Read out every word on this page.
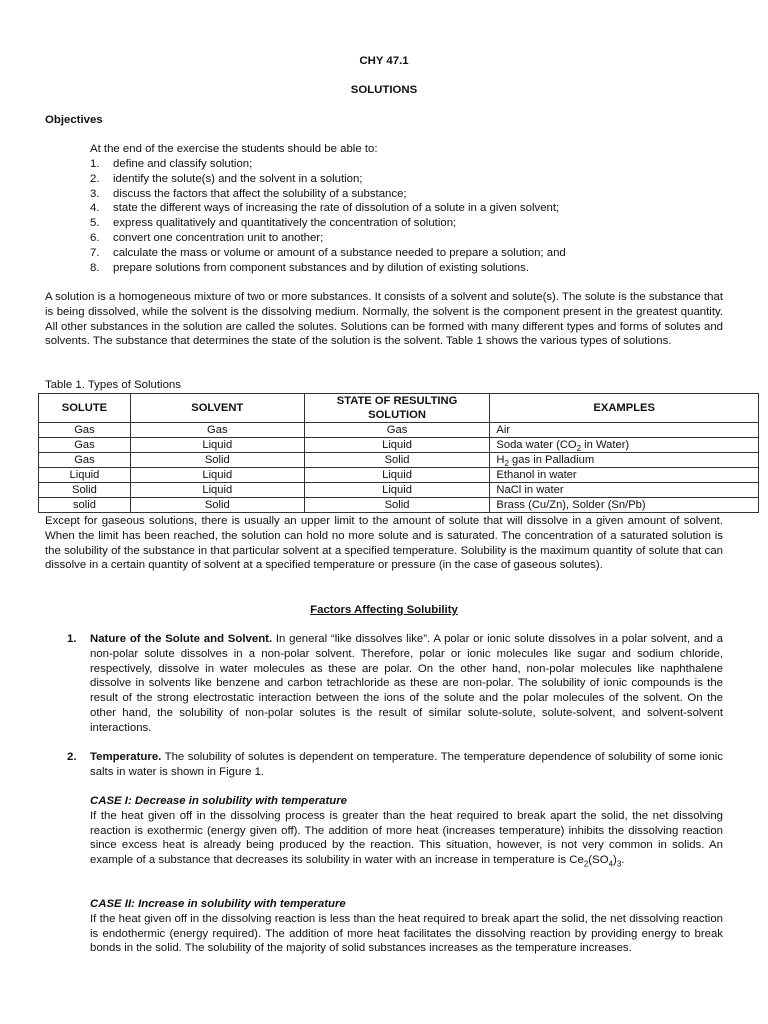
CHY 47.1
SOLUTIONS
Objectives
At the end of the exercise the students should be able to:
1.	define and classify solution;
2.	identify the solute(s) and the solvent in a solution;
3.	discuss the factors that affect the solubility of a substance;
4.	state the different ways of increasing the rate of dissolution of a solute in a given solvent;
5.	express qualitatively and quantitatively the concentration of solution;
6.	convert one concentration unit to another;
7.	calculate the mass or volume or amount of a substance needed to prepare a solution; and
8.	prepare solutions from component substances and by dilution of existing solutions.
A solution is a homogeneous mixture of two or more substances. It consists of a solvent and solute(s). The solute is the substance that is being dissolved, while the solvent is the dissolving medium. Normally, the solvent is the component present in the greatest quantity. All other substances in the solution are called the solutes. Solutions can be formed with many different types and forms of solutes and solvents. The substance that determines the state of the solution is the solvent. Table 1 shows the various types of solutions.
Table 1. Types of Solutions
SOLUTE	SOLVENT	STATE OF RESULTING SOLUTION	EXAMPLES
Gas	Gas	Gas	Air
Gas	Liquid	Liquid	Soda water ($CO_2$ in Water)
Gas	Solid	Solid	$H_2$ gas in Palladium
Liquid	Liquid	Liquid	Ethanol in water
Solid	Liquid	Liquid	NaCl in water
solid	Solid	Solid	Brass (Cu/Zn), Solder (Sn/Pb)
Except for gaseous solutions, there is usually an upper limit to the amount of solute that will dissolve in a given amount of solvent. When the limit has been reached, the solution can hold no more solute and is saturated. The concentration of a saturated solution is the solubility of the substance in that particular solvent at a specified temperature. Solubility is the maximum quantity of solute that can dissolve in a certain quantity of solvent at a specified temperature or pressure (in the case of gaseous solutes).
Factors Affecting Solubility
1.	Nature of the Solute and Solvent. In general “like dissolves like”. A polar or ionic solute dissolves in a polar solvent, and a non-polar solute dissolves in a non-polar solvent. Therefore, polar or ionic molecules like sugar and sodium chloride, respectively, dissolve in water molecules as these are polar. On the other hand, non-polar molecules like naphthalene dissolve in solvents like benzene and carbon tetrachloride as these are non-polar. The solubility of ionic compounds is the result of the strong electrostatic interaction between the ions of the solute and the polar molecules of the solvent. On the other hand, the solubility of non-polar solutes is the result of similar solute-solute, solute-solvent, and solvent-solvent interactions.
2.	Temperature. The solubility of solutes is dependent on temperature. The temperature dependence of solubility of some ionic salts in water is shown in Figure 1.
CASE I: Decrease in solubility with temperature
If the heat given off in the dissolving process is greater than the heat required to break apart the solid, the net dissolving reaction is exothermic (energy given off). The addition of more heat (increases temperature) inhibits the dissolving reaction since excess heat is already being produced by the reaction. This situation, however, is not very common in solids. An example of a substance that decreases its solubility in water with an increase in temperature is $Ce_2(SO_4)_3$.
CASE II: Increase in solubility with temperature
If the heat given off in the dissolving reaction is less than the heat required to break apart the solid, the net dissolving reaction is endothermic (energy required). The addition of more heat facilitates the dissolving reaction by providing energy to break bonds in the solid. The solubility of the majority of solid substances increases as the temperature increases.
